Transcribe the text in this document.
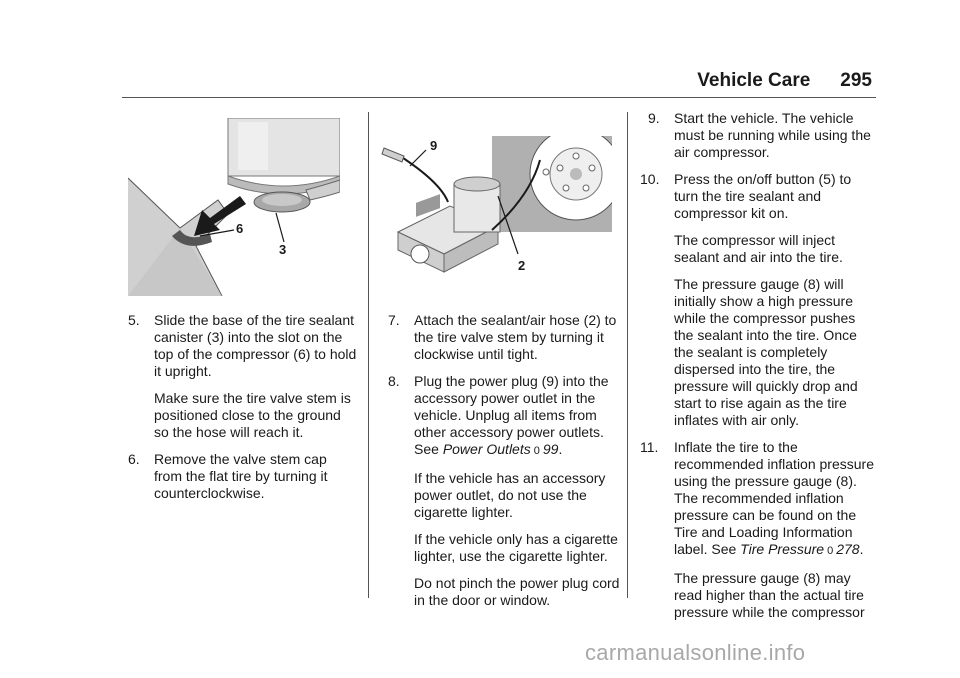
Vehicle Care 295
6
3
9
2
5. Slide the base of the tire sealant canister (3) into the slot on the top of the compressor (6) to hold it upright.
Make sure the tire valve stem is positioned close to the ground so the hose will reach it.
6. Remove the valve stem cap from the flat tire by turning it counterclockwise.
7. Attach the sealant/air hose (2) to the tire valve stem by turning it clockwise until tight.
8. Plug the power plug (9) into the accessory power outlet in the vehicle. Unplug all items from other accessory power outlets. See Power Outlets 0 99.
If the vehicle has an accessory power outlet, do not use the cigarette lighter.
If the vehicle only has a cigarette lighter, use the cigarette lighter.
Do not pinch the power plug cord in the door or window.
9. Start the vehicle. The vehicle must be running while using the air compressor.
10. Press the on/off button (5) to turn the tire sealant and compressor kit on.
The compressor will inject sealant and air into the tire.
The pressure gauge (8) will initially show a high pressure while the compressor pushes the sealant into the tire. Once the sealant is completely dispersed into the tire, the pressure will quickly drop and start to rise again as the tire inflates with air only.
11. Inflate the tire to the recommended inflation pressure using the pressure gauge (8). The recommended inflation pressure can be found on the Tire and Loading Information label. See Tire Pressure 0 278.
The pressure gauge (8) may read higher than the actual tire pressure while the compressor
carmanualsonline.info
